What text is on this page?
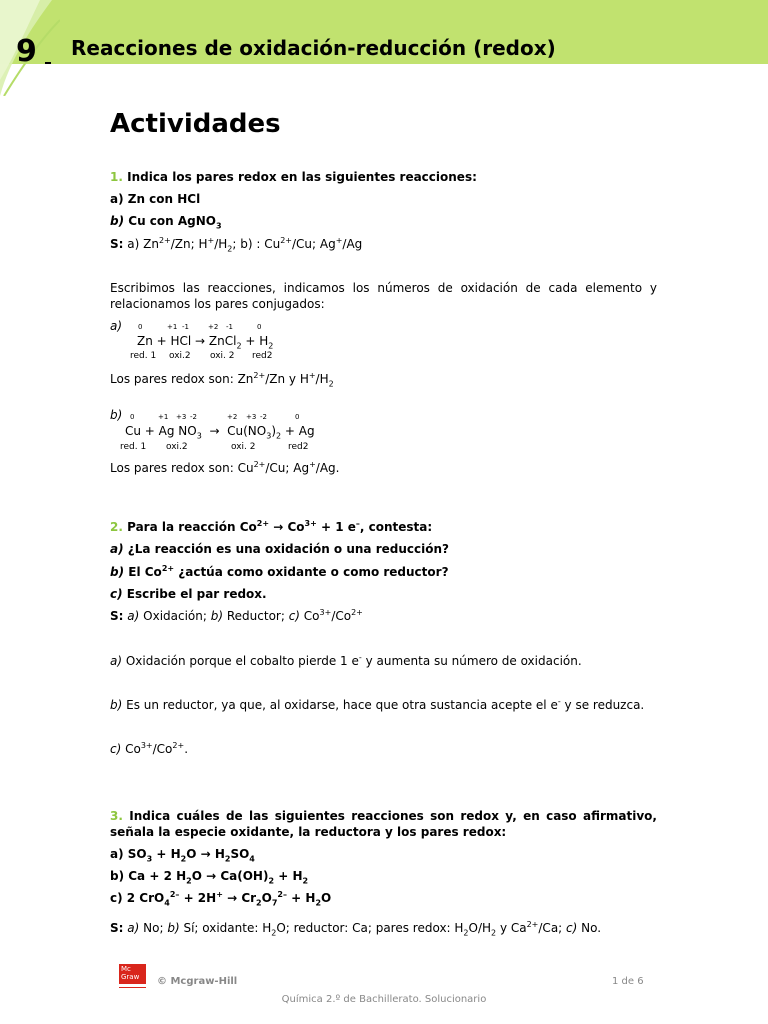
9 Reacciones de oxidación-reducción (redox)
Actividades
1. Indica los pares redox en las siguientes reacciones:
a) Zn con HCl
b) Cu con AgNO$_3$
S: a) $Zn^{2+}/Zn$; $H^+/H_2$; b) : $Cu^{2+}/Cu$; Ag+/Ag
Escribimos las reacciones, indicamos los números de oxidación de cada elemento y relacionamos los pares conjugados:
a) 0	+1 -1	+2 -1	0
Zn + HCl → ZnCl$_2$ + $H_2$
red. 1 oxi.2 oxi. 2 red2
Los pares redox son: $Zn^{2+}/Zn$ y $H^+/H_2$
b) 0	+1 +3 -2	+2 +3 -2	0
Cu + Ag $NO_3 \to Cu(NO_3)_2 + Ag$
red. 1 oxi.2	oxi. 2	red2
Los pares redox son: $Cu^{2+}/Cu$; Ag+/Ag.
2. Para la reacción $Co^{2+} \to Co^{3+} + 1$ e–, contesta:
a) ¿La reacción es una oxidación o una reducción?
b) El $Co^{2+}$ ¿actúa como oxidante o como reductor?
c) Escribe el par redox.
S: a) Oxidación; b) Reductor; c) $Co^{3+}/Co^{2+}$
a) Oxidación porque el cobalto pierde 1 e- y aumenta su número de oxidación.
b) Es un reductor, ya que, al oxidarse, hace que otra sustancia acepte el e- y se reduzca.
c) $Co^{3+}/Co^{2+}$.
3. Indica cuáles de las siguientes reacciones son redox y, en caso afirmativo, señala la especie oxidante, la reductora y los pares redox:
a) $SO_3 + H_2O \to H_2SO_4$
b) Ca + 2 $H_2O \to Ca(OH)_2 + H_2$
c) 2 $CrO_4^{2-} + 2H^+ \to Cr_2O_7^{2-} + H_2O$
S: a) No; b) Sí; oxidante: $H_2O$; reductor: Ca; pares redox: $H_2O/H_2$ y $Ca^{2+}/Ca$; c) No.
Mc
Graw	© Mcgraw-Hill	1 de 6
Química 2.º de Bachillerato. Solucionario
